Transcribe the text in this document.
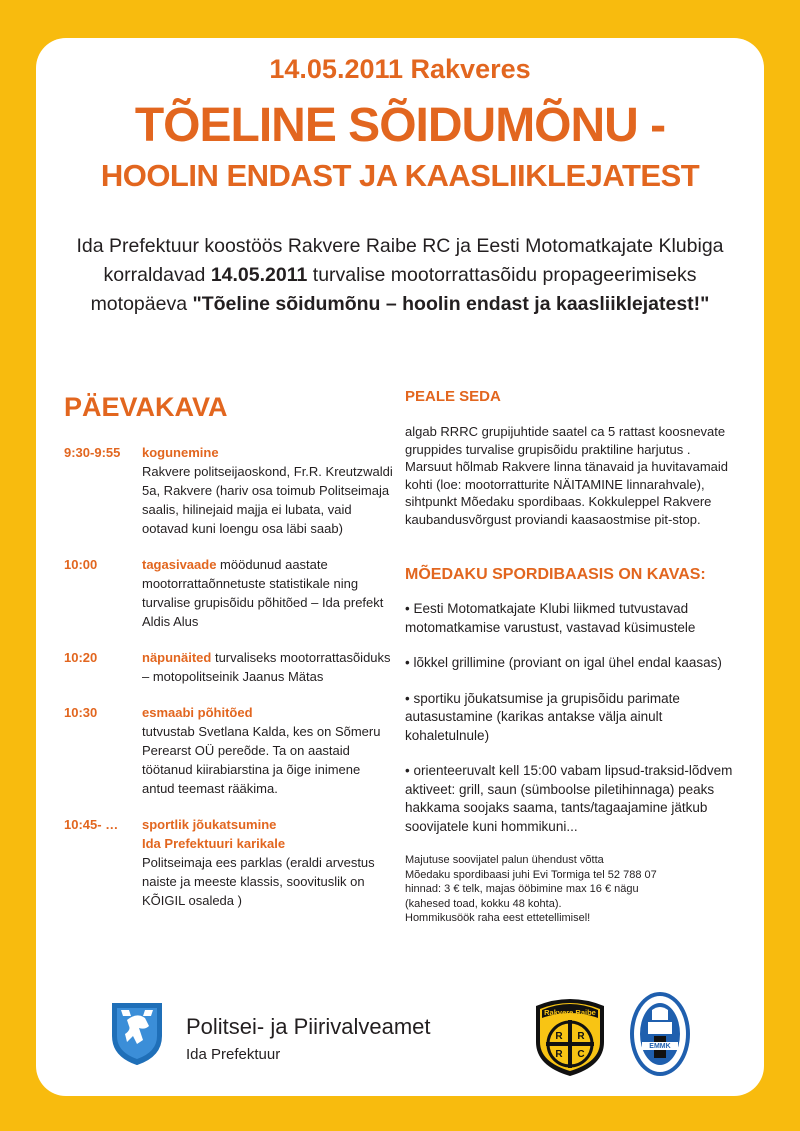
14.05.2011 Rakveres
TÕELINE SÕIDUMÕNU -
HOOLIN ENDAST JA KAASLIIKLEJATEST
Ida Prefektuur koostöös Rakvere Raibe RC ja Eesti Motomatkajate Klubiga korraldavad 14.05.2011 turvalise mootorrattasõidu propageerimiseks motopäeva "Tõeline sõidumõnu – hoolin endast ja kaasliiklejatest!"
PÄEVAKAVA
9:30-9:55 kogunemine
Rakvere politseijaoskond, Fr.R. Kreutzwaldi 5a, Rakvere (hariv osa toimub Politseimaja saalis, hilinejaid majja ei lubata, vaid ootavad kuni loengu osa läbi saab)
10:00	tagasivaade möödunud aastate mootorrattaõnnetuste statistikale ning turvalise grupisõidu põhitõed – Ida prefekt Aldis Alus
10:20	näpunäited turvaliseks mootorrattasõiduks – motopolitseinik Jaanus Mätas
10:30	esmaabi põhitõed
tutvustab Svetlana Kalda, kes on Sõmeru Perearst OÜ pereõde. Ta on aastaid töötanud kiirabiarstina ja õige inimene antud teemast rääkima.
10:45- … sportlik jõukatsumine
Ida Prefektuuri karikale
Politseimaja ees parklas (eraldi arvestus naiste ja meeste klassis, soovituslik on KÕIGIL osaleda )
PEALE SEDA
algab RRRC grupijuhtide saatel ca 5 rattast koosnevate gruppides turvalise grupisõidu praktiline harjutus . Marsuut hõlmab Rakvere linna tänavaid ja huvitavamaid kohti (loe: mootorratturite NÄITAMINE linnarahvale), sihtpunkt Mõedaku spordibaas. Kokkuleppel Rakvere kaubandusvõrgust proviandi kaasaostmise pit-stop.
MÕEDAKU SPORDIBAASIS ON KAVAS:
• Eesti Motomatkajate Klubi liikmed tutvustavad motomatkamise varustust, vastavad küsimustele
• lõkkel grillimine (proviant on igal ühel endal kaasas)
• sportiku jõukatsumise ja grupisõidu parimate autasustamine (karikas antakse välja ainult kohaletulnule)
• orienteeruvalt kell 15:00 vabam lipsud-traksid-lõdvem aktiveet: grill, saun (sümboolse piletihinnaga) peaks hakkama soojaks saama, tants/tagaajamine jätkub soovijatele kuni hommikuni...
Majutuse soovijatel palun ühendust võtta
Mõedaku spordibaasi juhi Evi Tormiga tel 52 788 07
hinnad: 3 € telk, majas ööbimine max 16 € nägu
(kahesed toad, kokku 48 kohta).
Hommikusöök raha eest ettetellimisel!
Politsei- ja Piirivalveamet
Ida Prefektuur
Rakvere Raibe
R R
R C
EMMK
